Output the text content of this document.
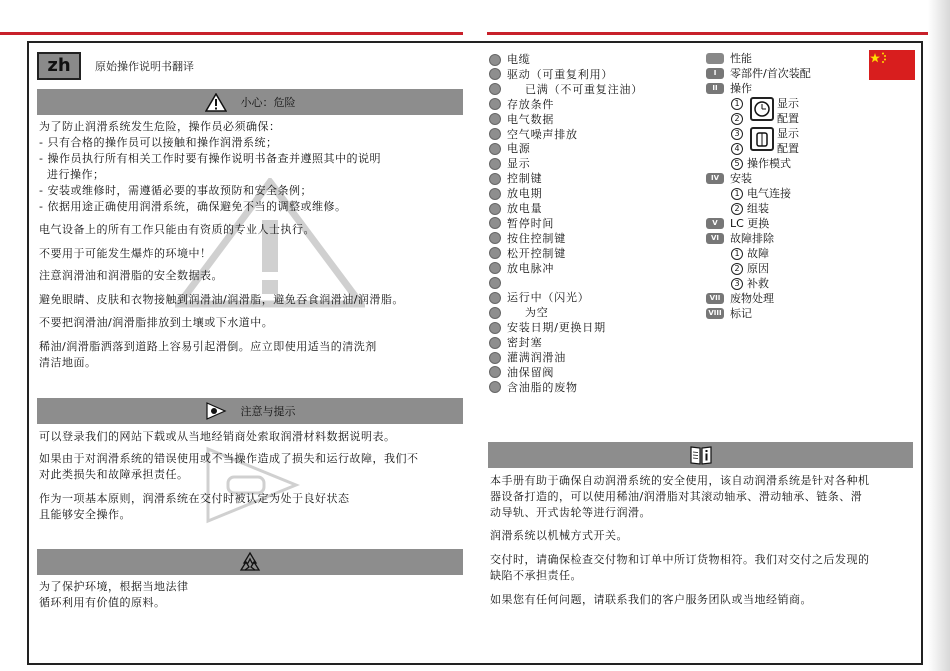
zh	原始操作说明书翻译
小心：危险
为了防止润滑系统发生危险，操作员必须确保：
- 只有合格的操作员可以接触和操作润滑系统；
- 操作员执行所有相关工作时要有操作说明书备查并遵照其中的说明
进行操作；
- 安装或维修时，需遵循必要的事故预防和安全条例；
- 依据用途正确使用润滑系统，确保避免不当的调整或维修。
电气设备上的所有工作只能由有资质的专业人士执行。
不要用于可能发生爆炸的环境中！
注意润滑油和润滑脂的安全数据表。
避免眼睛、皮肤和衣物接触到润滑油/润滑脂，避免吞食润滑油/润滑脂。
不要把润滑油/润滑脂排放到土壤或下水道中。
稀油/润滑脂洒落到道路上容易引起滑倒。应立即使用适当的清洗剂
清洁地面。
注意与提示
可以登录我们的网站下载或从当地经销商处索取润滑材料数据说明表。
如果由于对润滑系统的错误使用或不当操作造成了损失和运行故障，我们不
对此类损失和故障承担责任。
作为一项基本原则，润滑系统在交付时被认定为处于良好状态
且能够安全操作。
为了保护环境，根据当地法律
循环利用有价值的原料。
电缆
驱动（可重复利用）
已满（不可重复注油）
存放条件
电气数据
空气噪声排放
电源
显示
控制键
放电期
放电量
暂停时间
按住控制键
松开控制键
放电脉冲
运行中（闪光）
为空
安装日期/更换日期
密封塞
灌满润滑油
油保留阀
含油脂的废物
性能
I	零部件/首次装配
II	操作
1	显示
2	配置
3	显示
4	配置
5 操作模式
IV 安装
1 电气连接
2 组装
V	LC 更换
VI 故障排除
1 故障
2 原因
3 补救
VII 废物处理
VIII 标记
本手册有助于确保自动润滑系统的安全使用，该自动润滑系统是针对各种机
器设备打造的，可以使用稀油/润滑脂对其滚动轴承、滑动轴承、链条、滑
动导轨、开式齿轮等进行润滑。
润滑系统以机械方式开关。
交付时，请确保检查交付物和订单中所订货物相符。我们对交付之后发现的
缺陷不承担责任。
如果您有任何问题，请联系我们的客户服务团队或当地经销商。
